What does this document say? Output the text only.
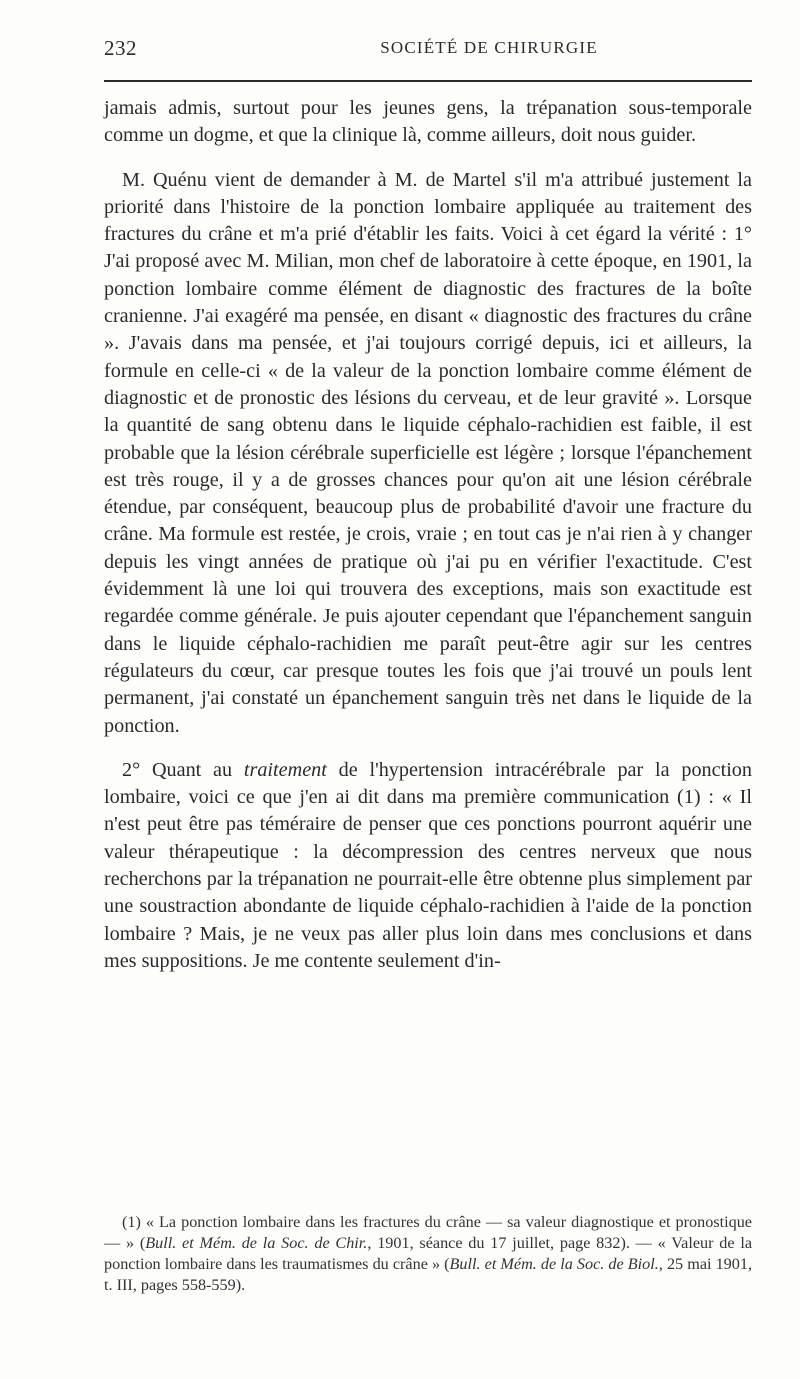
232	SOCIÉTÉ DE CHIRURGIE

jamais admis, surtout pour les jeunes gens, la trépanation sous-temporale comme un dogme, et que la clinique là, comme ailleurs, doit nous guider.

M. Quénu vient de demander à M. de Martel s'il m'a attribué justement la priorité dans l'histoire de la ponction lombaire appliquée au traitement des fractures du crâne et m'a prié d'établir les faits. Voici à cet égard la vérité : 1° J'ai proposé avec M. Milian, mon chef de laboratoire à cette époque, en 1901, la ponction lombaire comme élément de diagnostic des fractures de la boîte cranienne. J'ai exagéré ma pensée, en disant « diagnostic des fractures du crâne ». J'avais dans ma pensée, et j'ai toujours corrigé depuis, ici et ailleurs, la formule en celle-ci « de la valeur de la ponction lombaire comme élément de diagnostic et de pronostic des lésions du cerveau, et de leur gravité ». Lorsque la quantité de sang obtenu dans le liquide céphalo-rachidien est faible, il est probable que la lésion cérébrale superficielle est légère ; lorsque l'épanchement est très rouge, il y a de grosses chances pour qu'on ait une lésion cérébrale étendue, par conséquent, beaucoup plus de probabilité d'avoir une fracture du crâne. Ma formule est restée, je crois, vraie ; en tout cas je n'ai rien à y changer depuis les vingt années de pratique où j'ai pu en vérifier l'exactitude. C'est évidemment là une loi qui trouvera des exceptions, mais son exactitude est regardée comme générale. Je puis ajouter cependant que l'épanchement sanguin dans le liquide céphalo-rachidien me paraît peut-être agir sur les centres régulateurs du cœur, car presque toutes les fois que j'ai trouvé un pouls lent permanent, j'ai constaté un épanchement sanguin très net dans le liquide de la ponction.

2° Quant au traitement de l'hypertension intracérébrale par la ponction lombaire, voici ce que j'en ai dit dans ma première communication (1) : « Il n'est peut être pas téméraire de penser que ces ponctions pourront aquérir une valeur thérapeutique : la décompression des centres nerveux que nous recherchons par la trépanation ne pourrait-elle être obtenne plus simplement par une soustraction abondante de liquide céphalo-rachidien à l'aide de la ponction lombaire ? Mais, je ne veux pas aller plus loin dans mes conclusions et dans mes suppositions. Je me contente seulement d'in-

(1) « La ponction lombaire dans les fractures du crâne — sa valeur diagnostique et pronostique — » (Bull. et Mém. de la Soc. de Chir., 1901, séance du 17 juillet, page 832). — « Valeur de la ponction lombaire dans les traumatismes du crâne » (Bull. et Mém. de la Soc. de Biol., 25 mai 1901, t. III, pages 558-559).
